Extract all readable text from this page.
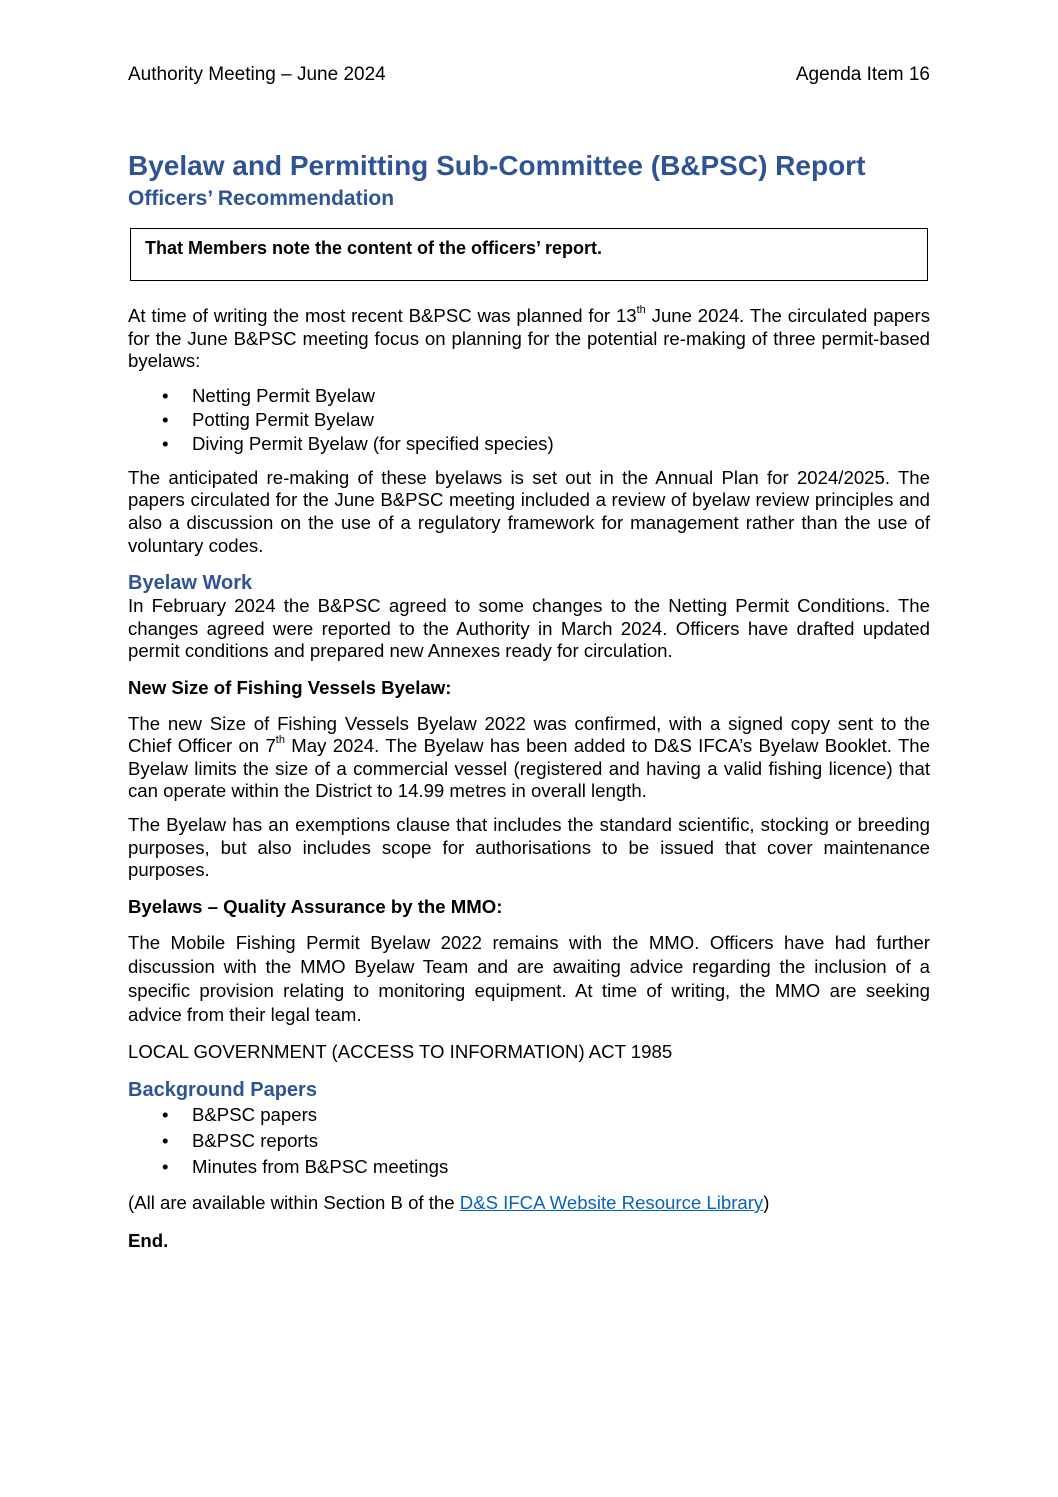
Authority Meeting – June 2024	Agenda Item 16
Byelaw and Permitting Sub-Committee (B&PSC) Report
Officers’ Recommendation
That Members note the content of the officers’ report.

At time of writing the most recent B&PSC was planned for 13th June 2024. The circulated papers for the June B&PSC meeting focus on planning for the potential re-making of three permit-based byelaws:

• Netting Permit Byelaw
• Potting Permit Byelaw
• Diving Permit Byelaw (for specified species)

The anticipated re-making of these byelaws is set out in the Annual Plan for 2024/2025. The papers circulated for the June B&PSC meeting included a review of byelaw review principles and also a discussion on the use of a regulatory framework for management rather than the use of voluntary codes.

Byelaw Work

In February 2024 the B&PSC agreed to some changes to the Netting Permit Conditions. The changes agreed were reported to the Authority in March 2024. Officers have drafted updated permit conditions and prepared new Annexes ready for circulation.

New Size of Fishing Vessels Byelaw:

The new Size of Fishing Vessels Byelaw 2022 was confirmed, with a signed copy sent to the Chief Officer on 7th May 2024. The Byelaw has been added to D&S IFCA’s Byelaw Booklet. The Byelaw limits the size of a commercial vessel (registered and having a valid fishing licence) that can operate within the District to 14.99 metres in overall length.

The Byelaw has an exemptions clause that includes the standard scientific, stocking or breeding purposes, but also includes scope for authorisations to be issued that cover maintenance purposes.

Byelaws – Quality Assurance by the MMO:

The Mobile Fishing Permit Byelaw 2022 remains with the MMO. Officers have had further discussion with the MMO Byelaw Team and are awaiting advice regarding the inclusion of a specific provision relating to monitoring equipment. At time of writing, the MMO are seeking advice from their legal team.

LOCAL GOVERNMENT (ACCESS TO INFORMATION) ACT 1985

Background Papers
• B&PSC papers
• B&PSC reports
• Minutes from B&PSC meetings

(All are available within Section B of the D&S IFCA Website Resource Library)

End.
